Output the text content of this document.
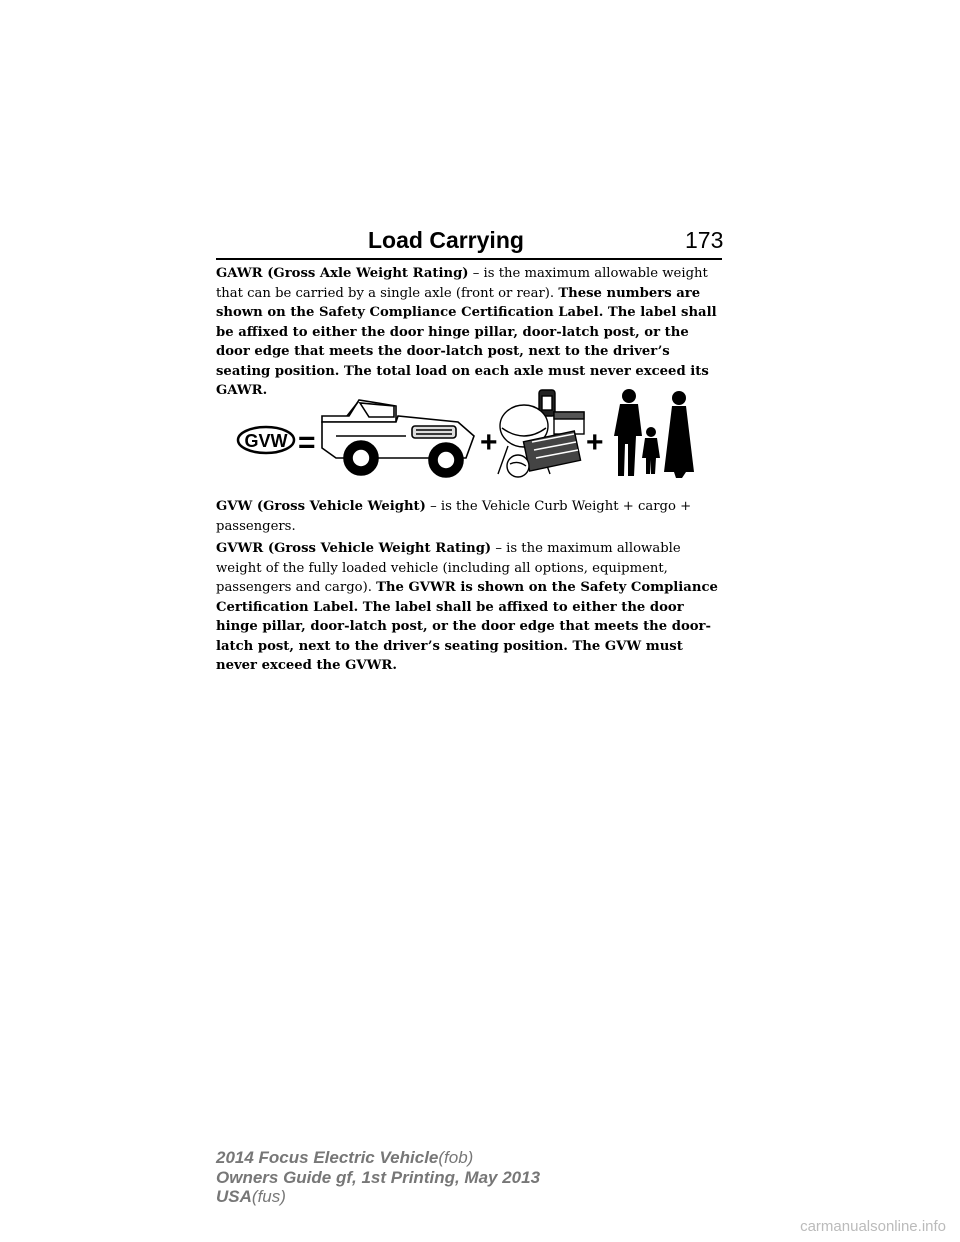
Load Carrying	173

GAWR (Gross Axle Weight Rating) – is the maximum allowable weight that can be carried by a single axle (front or rear). These numbers are shown on the Safety Compliance Certification Label. The label shall be affixed to either the door hinge pillar, door-latch post, or the door edge that meets the door-latch post, next to the driver’s seating position. The total load on each axle must never exceed its GAWR.

GVW =	+	+

GVW (Gross Vehicle Weight) – is the Vehicle Curb Weight + cargo + passengers.

GVWR (Gross Vehicle Weight Rating) – is the maximum allowable weight of the fully loaded vehicle (including all options, equipment, passengers and cargo). The GVWR is shown on the Safety Compliance Certification Label. The label shall be affixed to either the door hinge pillar, door-latch post, or the door edge that meets the door-latch post, next to the driver’s seating position. The GVW must never exceed the GVWR.

2014 Focus Electric Vehicle(fob)
Owners Guide gf, 1st Printing, May 2013
USA(fus)
carmanualsonline.info
